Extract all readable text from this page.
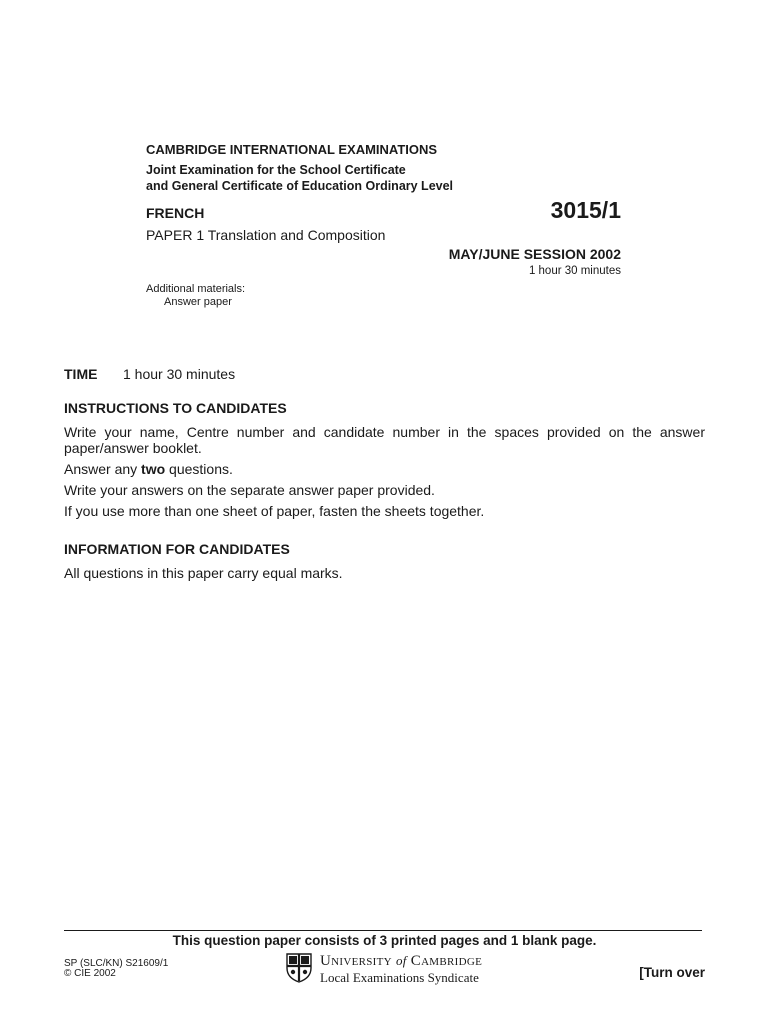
CAMBRIDGE INTERNATIONAL EXAMINATIONS
Joint Examination for the School Certificate
and General Certificate of Education Ordinary Level
FRENCH	3015/1
PAPER 1 Translation and Composition
MAY/JUNE SESSION 2002
1 hour 30 minutes
Additional materials:
Answer paper
TIME 1 hour 30 minutes
INSTRUCTIONS TO CANDIDATES

Write your name, Centre number and candidate number in the spaces provided on the answer paper/answer booklet.

Answer any two questions.

Write your answers on the separate answer paper provided.

If you use more than one sheet of paper, fasten the sheets together.

INFORMATION FOR CANDIDATES
All questions in this paper carry equal marks.
This question paper consists of 3 printed pages and 1 blank page.
SP (SLC/KN) S21609/1
© CIE 2002
UNIVERSITY of CAMBRIDGE
Local Examinations Syndicate	[Turn over
